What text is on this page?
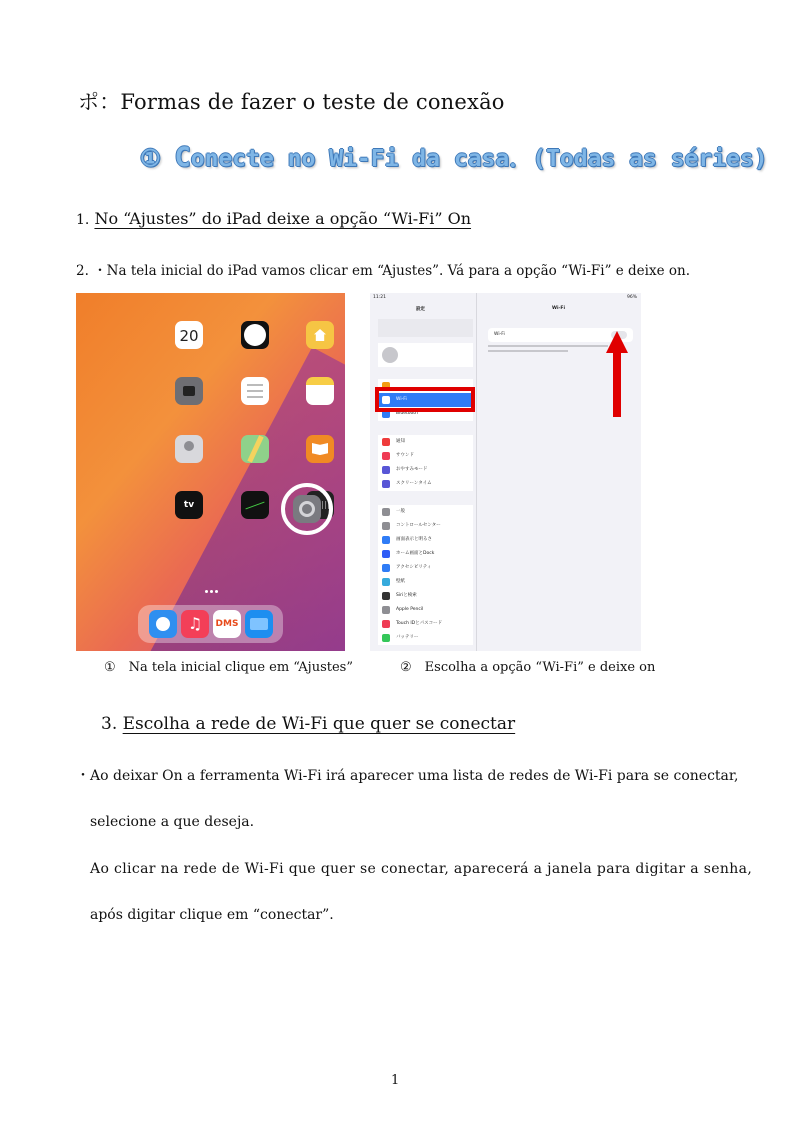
ポ：Formas de fazer o teste de conexão
① Conecte no Wi-Fi da casa．(Todas as séries)
1. No “Ajustes” do iPad deixe a opção “Wi-Fi” On
2. ・Na tela inicial do iPad vamos clicar em “Ajustes”. Vá para a opção “Wi-Fi” e deixe on.
20
tv
♫	DMS
11:21
設定
Wi-Fi
Bluetooth
通知
サウンド
おやすみモード
スクリーンタイム
一般
コントロールセンター
画面表示と明るさ
ホーム画面とDock
アクセシビリティ
壁紙
Siriと検索
Apple Pencil
Touch IDとパスコード
バッテリー
96%
Wi-Fi
Wi-Fi
①　Na tela inicial clique em “Ajustes”	②　Escolha a opção “Wi-Fi” e deixe on
3. Escolha a rede de Wi-Fi que quer se conectar
・Ao deixar On a ferramenta Wi-Fi irá aparecer uma lista de redes de Wi-Fi para se conectar,
selecione a que deseja.
Ao clicar na rede de Wi-Fi que quer se conectar, aparecerá a janela para digitar a senha,
após digitar clique em “conectar”.
1
